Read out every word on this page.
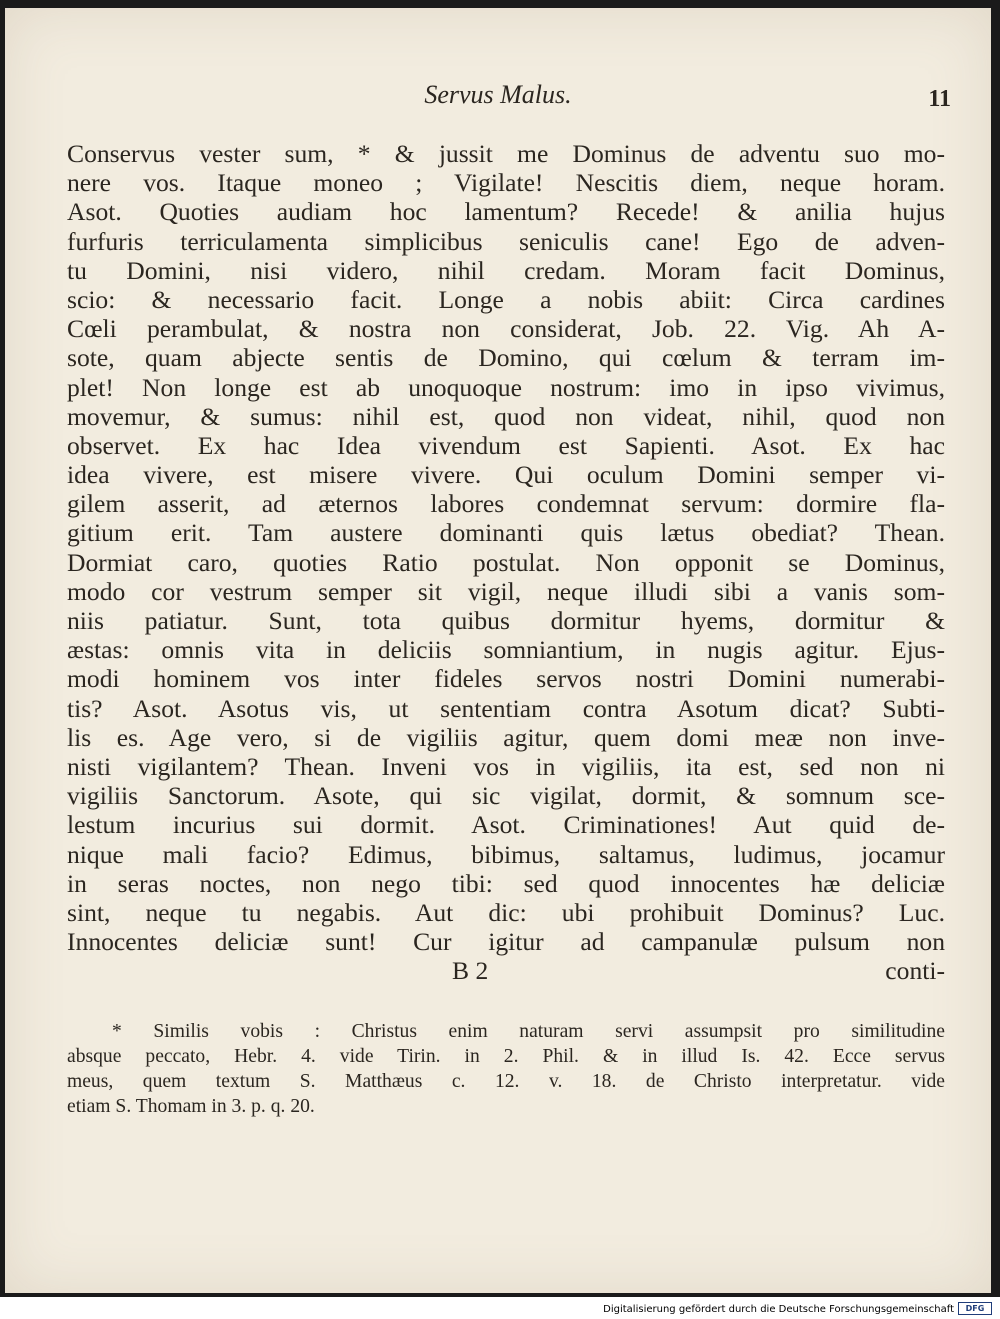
Servus Malus.	11
Conservus vester sum, * & jussit me Dominus de adventu suo mo-
nere vos. Itaque moneo ; Vigilate! Nescitis diem, neque horam.
Asot. Quoties audiam hoc lamentum? Recede! & anilia hujus
furfuris terriculamenta simplicibus seniculis cane! Ego de adven-
tu Domini, nisi videro, nihil credam. Moram facit Dominus,
scio: & necessario facit. Longe a nobis abiit: Circa cardines
Cœli perambulat, & nostra non considerat, Job. 22. Vig. Ah A-
sote, quam abjecte sentis de Domino, qui cœlum & terram im-
plet! Non longe est ab unoquoque nostrum: imo in ipso vivimus,
movemur, & sumus: nihil est, quod non videat, nihil, quod non
observet. Ex hac Idea vivendum est Sapienti. Asot. Ex hac
idea vivere, est misere vivere. Qui oculum Domini semper vi-
gilem asserit, ad æternos labores condemnat servum: dormire fla-
gitium erit. Tam austere dominanti quis lætus obediat? Thean.
Dormiat caro, quoties Ratio postulat. Non opponit se Dominus,
modo cor vestrum semper sit vigil, neque illudi sibi a vanis som-
niis patiatur. Sunt, tota quibus dormitur hyems, dormitur &
æstas: omnis vita in deliciis somniantium, in nugis agitur. Ejus-
modi hominem vos inter fideles servos nostri Domini numerabi-
tis? Asot. Asotus vis, ut sententiam contra Asotum dicat? Subti-
lis es. Age vero, si de vigiliis agitur, quem domi meæ non inve-
nisti vigilantem? Thean. Inveni vos in vigiliis, ita est, sed non ni
vigiliis Sanctorum. Asote, qui sic vigilat, dormit, & somnum sce-
lestum incurius sui dormit. Asot. Criminationes! Aut quid de-
nique mali facio? Edimus, bibimus, saltamus, ludimus, jocamur
in seras noctes, non nego tibi: sed quod innocentes hæ deliciæ
sint, neque tu negabis. Aut dic: ubi prohibuit Dominus? Luc.
Innocentes deliciæ sunt! Cur igitur ad campanulæ pulsum non
B 2	conti-
* Similis vobis : Christus enim naturam servi assumpsit pro similitudine
absque peccato, Hebr. 4. vide Tirin. in 2. Phil. & in illud Is. 42. Ecce servus
meus, quem textum S. Matthæus c. 12. v. 18. de Christo interpretatur. vide
etiam S. Thomam in 3. p. q. 20.
Digitalisierung gefördert durch die Deutsche Forschungsgemeinschaft	DFG
